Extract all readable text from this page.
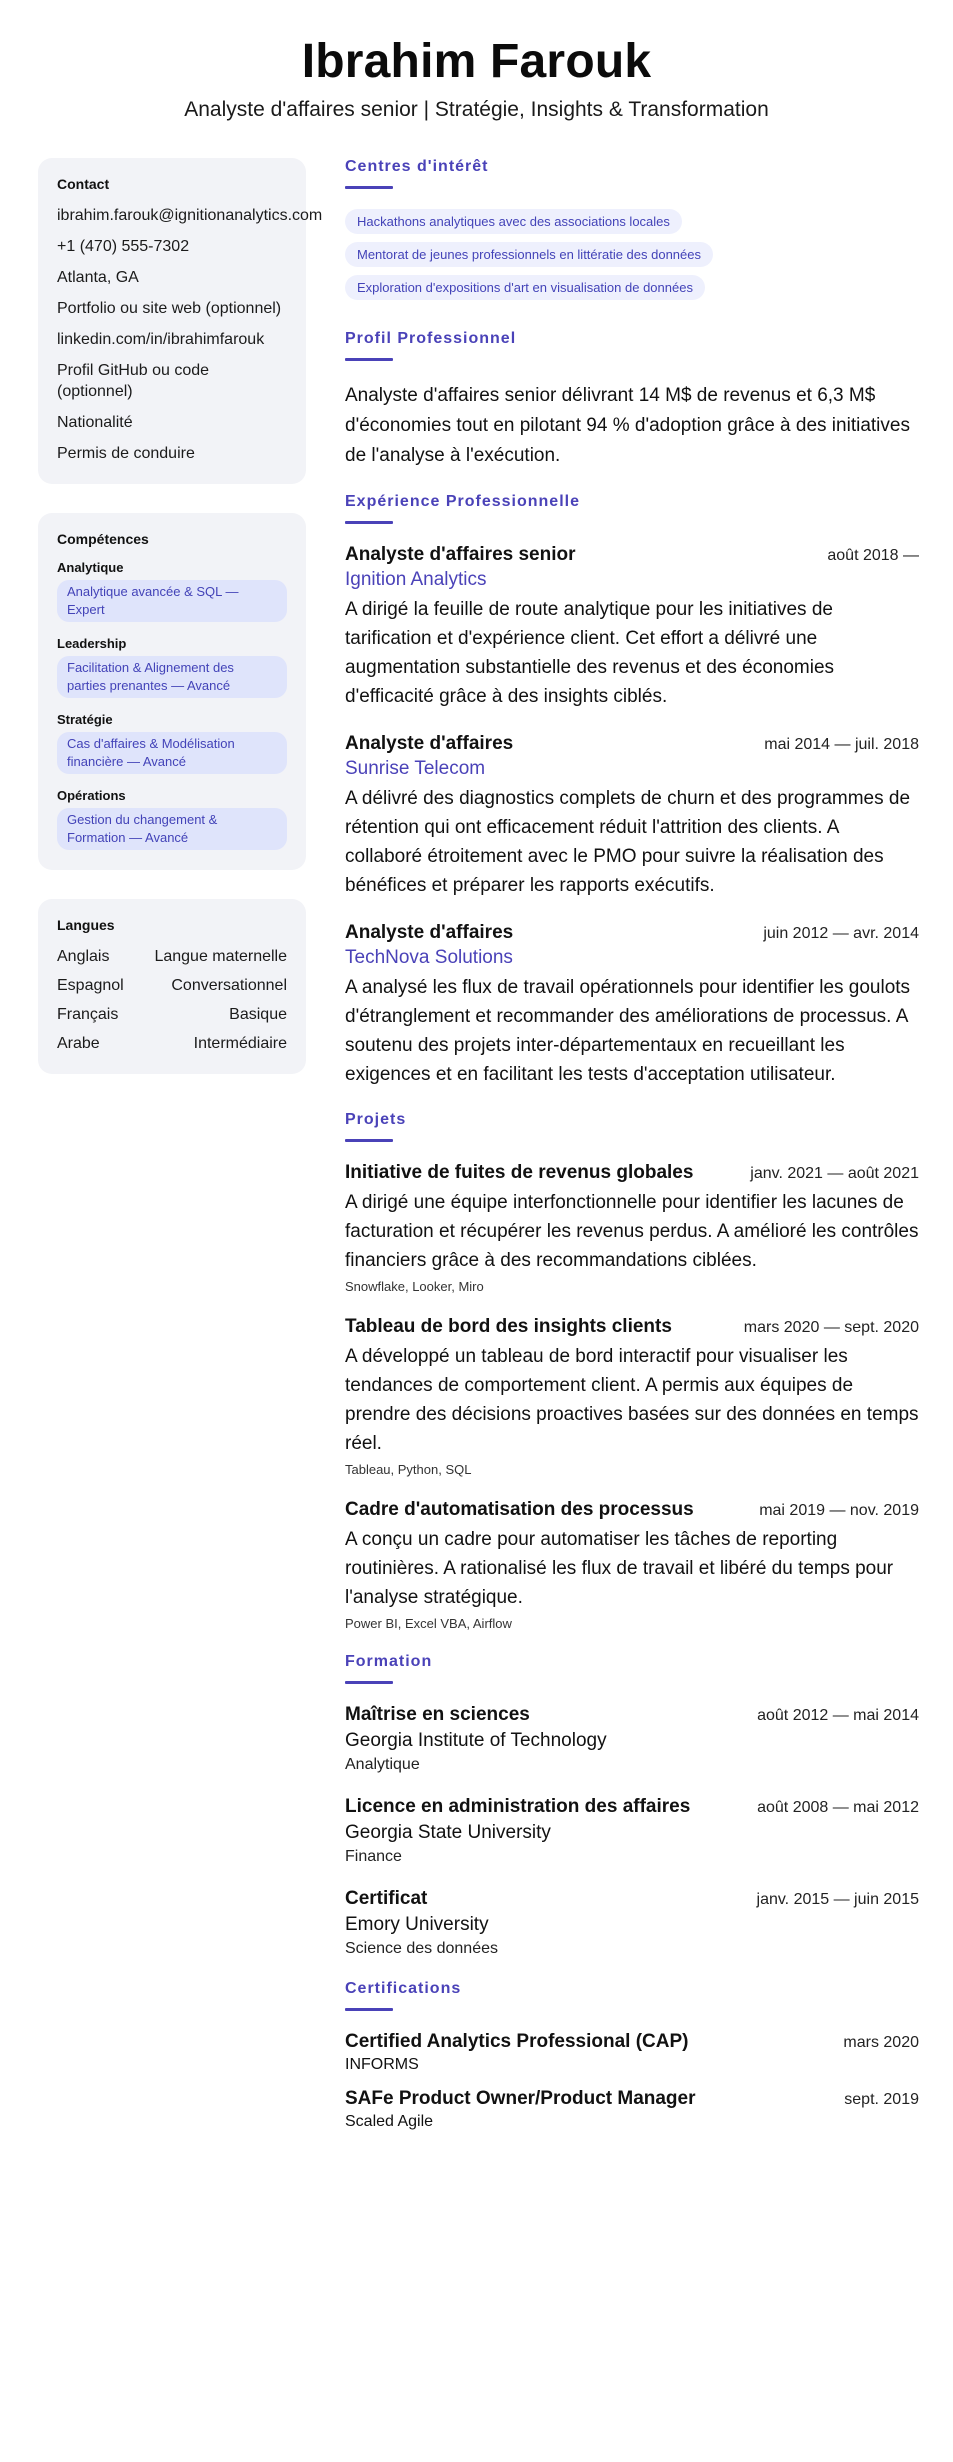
Ibrahim Farouk
Analyste d'affaires senior | Stratégie, Insights & Transformation
Contact
ibrahim.farouk@ignitionanalytics.com
+1 (470) 555-7302
Atlanta, GA
Portfolio ou site web (optionnel)
linkedin.com/in/ibrahimfarouk
Profil GitHub ou code (optionnel)
Nationalité
Permis de conduire
Compétences
Analytique
Analytique avancée & SQL — Expert
Leadership
Facilitation & Alignement des parties prenantes — Avancé
Stratégie
Cas d'affaires & Modélisation financière — Avancé
Opérations
Gestion du changement & Formation — Avancé
Langues
Anglais	Langue maternelle
Espagnol	Conversationnel
Français	Basique
Arabe	Intermédiaire
Centres d'intérêt
Hackathons analytiques avec des associations locales
Mentorat de jeunes professionnels en littératie des données
Exploration d'expositions d'art en visualisation de données
Profil Professionnel

Analyste d'affaires senior délivrant 14 M$ de revenus et 6,3 M$ d'économies tout en pilotant 94 % d'adoption grâce à des initiatives de l'analyse à l'exécution.

Expérience Professionnelle
Analyste d'affaires senior	août 2018 —
Ignition Analytics

A dirigé la feuille de route analytique pour les initiatives de tarification et d'expérience client. Cet effort a délivré une augmentation substantielle des revenus et des économies d'efficacité grâce à des insights ciblés.

Analyste d'affaires	mai 2014 — juil. 2018
Sunrise Telecom

A délivré des diagnostics complets de churn et des programmes de rétention qui ont efficacement réduit l'attrition des clients. A collaboré étroitement avec le PMO pour suivre la réalisation des bénéfices et préparer les rapports exécutifs.

Analyste d'affaires	juin 2012 — avr. 2014
TechNova Solutions

A analysé les flux de travail opérationnels pour identifier les goulots d'étranglement et recommander des améliorations de processus. A soutenu des projets inter-départementaux en recueillant les exigences et en facilitant les tests d'acceptation utilisateur.

Projets
Initiative de fuites de revenus globales	janv. 2021 — août 2021

A dirigé une équipe interfonctionnelle pour identifier les lacunes de facturation et récupérer les revenus perdus. A amélioré les contrôles financiers grâce à des recommandations ciblées.

Snowflake, Looker, Miro
Tableau de bord des insights clients	mars 2020 — sept. 2020

A développé un tableau de bord interactif pour visualiser les tendances de comportement client. A permis aux équipes de prendre des décisions proactives basées sur des données en temps réel.

Tableau, Python, SQL
Cadre d'automatisation des processus	mai 2019 — nov. 2019

A conçu un cadre pour automatiser les tâches de reporting routinières. A rationalisé les flux de travail et libéré du temps pour l'analyse stratégique.

Power BI, Excel VBA, Airflow
Formation
Maîtrise en sciences	août 2012 — mai 2014
Georgia Institute of Technology
Analytique
Licence en administration des affaires	août 2008 — mai 2012
Georgia State University
Finance
Certificat	janv. 2015 — juin 2015
Emory University
Science des données
Certifications
Certified Analytics Professional (CAP)	mars 2020
INFORMS
SAFe Product Owner/Product Manager	sept. 2019
Scaled Agile
